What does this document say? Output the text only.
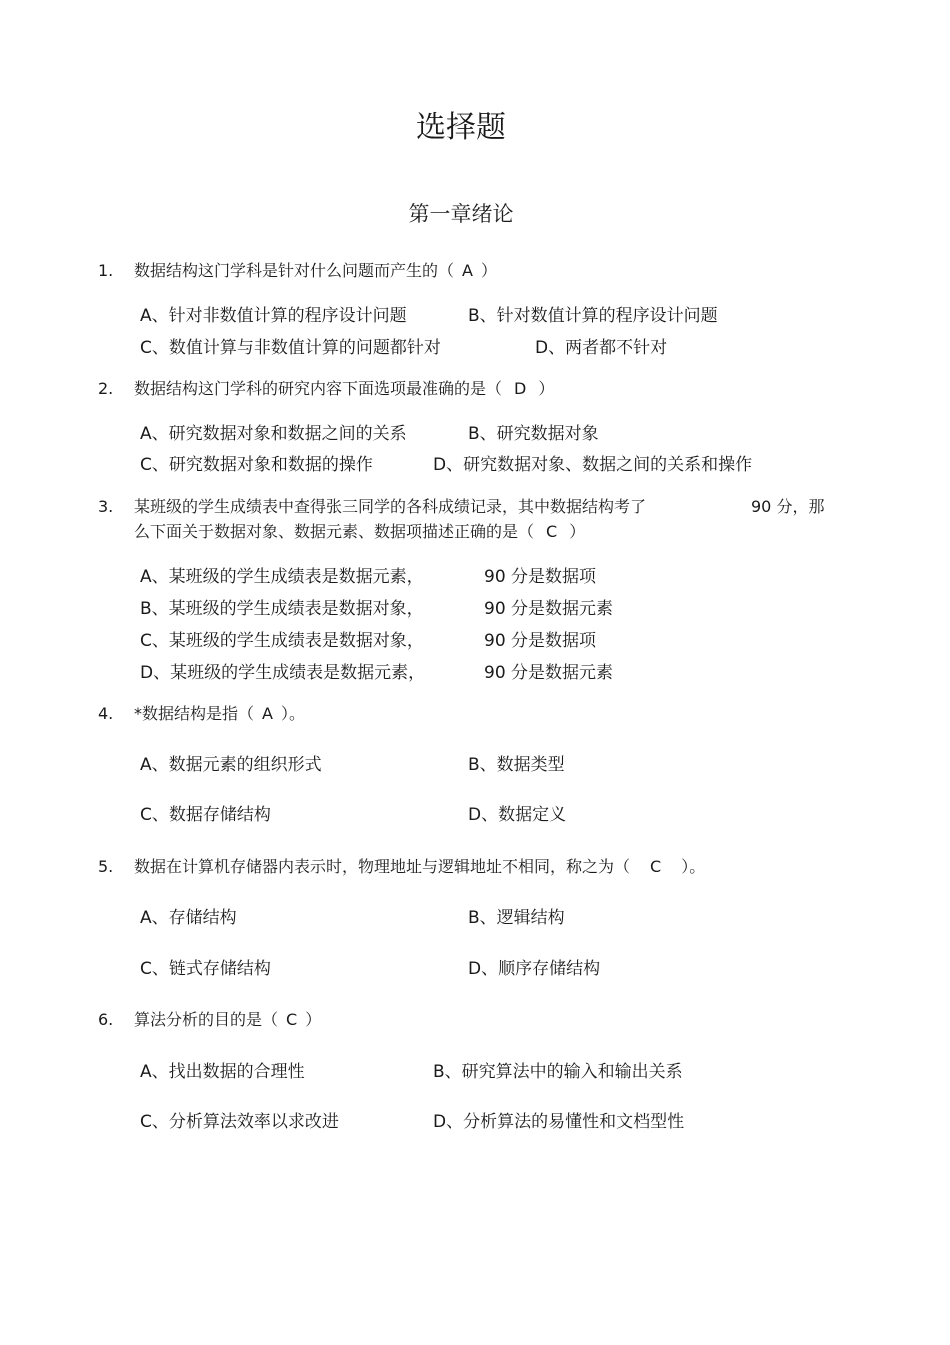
选择题
第一章绪论
1. 数据结构这门学科是针对什么问题而产生的（ A ）
A、针对非数值计算的程序设计问题	B、针对数值计算的程序设计问题
C、数值计算与非数值计算的问题都针对	D、两者都不针对
2. 数据结构这门学科的研究内容下面选项最准确的是（ D ）
A、研究数据对象和数据之间的关系	B、研究数据对象
C、研究数据对象和数据的操作	D、研究数据对象、数据之间的关系和操作
3. 某班级的学生成绩表中查得张三同学的各科成绩记录，其中数据结构考了	90 分，那
么下面关于数据对象、数据元素、数据项描述正确的是（ C ）
A、某班级的学生成绩表是数据元素，	90 分是数据项
B、某班级的学生成绩表是数据对象，	90 分是数据元素
C、某班级的学生成绩表是数据对象，	90 分是数据项
D、某班级的学生成绩表是数据元素，	90 分是数据元素
4. *数据结构是指（ A ）。
A、数据元素的组织形式	B、数据类型
C、数据存储结构	D、数据定义
5. 数据在计算机存储器内表示时，物理地址与逻辑地址不相同，称之为（ C ）。
A、存储结构	B、逻辑结构
C、链式存储结构	D、顺序存储结构
6. 算法分析的目的是（ C ）
A、找出数据的合理性	B、研究算法中的输入和输出关系
C、分析算法效率以求改进	D、分析算法的易懂性和文档型性
